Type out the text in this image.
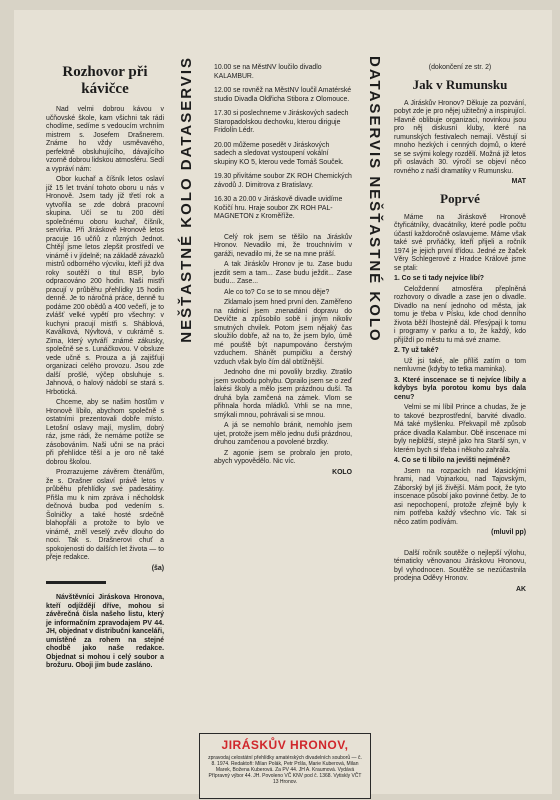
Rozhovor při kávičce

Nad velmi dobrou kávou v učňovské škole, kam všichni tak rádi chodíme, sedíme s vedoucím vrchním mistrem s. Josefem Drašnerem. Známe ho vždy usměvavého, perfektně obsluhujícího, dávajícího vzorně dobrou lidskou atmosféru. Sedí a vypráví nám:

Obor kuchař a číšník letos oslaví již 15 let trvání tohoto oboru u nás v Hronově. Jsem tady již třetí rok a vytvořila se zde dobrá pracovní skupina. Učí se tu 200 dětí společnému oboru kuchař, číšník, servírka. Při Jiráskově Hronově letos pracuje 16 učňů z různých Jednot. Chtějí jsme letos zlepšit prostředí ve vinárně i v jídelně; na základě závazků mistrů odborného výcviku, kteří již dva roky soutěží o titul BSP, bylo odpracováno 200 hodin. Naši mistři pracují v průběhu přehlídky 15 hodin denně. Je to náročná práce, denně tu podáme 200 obědů a 400 večeří, je to zvlášť velké vypětí pro všechny: v kuchyni pracují mistři s. Sháblová, Kaválková, Nývltová, v cukrárně s. Zima, který vytváří známé zákusky, společně se s. Lunáčkovou. V obsluze vede učně s. Prouza a já zajišťuji organizaci celého provozu. Jsou zde další prošlé, výčep obsluhuje s. Jahnová, o halový nádobí se stará s. Hrbotická.

Chceme, aby se našim hostům v Hronově líbilo, abychom společně s ostatními prezentovali dobře místo. Letošní oslavy mají, myslím, dobrý ráz, jsme rádi, že nemáme potíže se zásobováním. Naši učni se na práci při přehlídce těší a je oro ně také dobrou školou.

Prozrazujeme závěrem čtenářům, že s. Drašner oslaví právě letos v průběhu přehlídky své padesátiny. Přišla mu k nim zpráva i něcholdsk dečnová budba pod vedením s. Šolničky a také hosté srdečně blahopřáli a protože to bylo ve vinárně, zněl veselý zvěv dlouho do noci. Tak s. Drašnerovi chuť a spokojenosti do dalších let života — to přeje redakce.

(ša)

Návštěvníci Jiráskova Hronova, kteří odjíždějí dříve, mohou si závěrečná čísla našeho listu, který je informačním zpravodajem PV 44. JH, objednat v distribuční kanceláři, umístěné za rohem na stejné chodbě jako naše redakce. Objednat si mohou i celý soubor a brožuru. Oboji jim bude zasláno.

NEŠŤASTNÉ KOLO DATASERVIS	DATASERVIS NEŠŤASTNÉ KOLO
10.00 se na MěstNV loučilo divadlo KALAMBUR.
12.00 se rovněž na MěstNV loučil Amatérské studio Divadla Oldřicha Stibora z Olomouce.
17.30 si poslechneme v Jiráskových sadech Staropadolskou dechovku, kterou diriguje Fridolín Lédr.
20.00 můžeme posedět v Jiráskových sadech a sledovat vystoupení vokální skupiny KO 5, kterou vede Tomáš Souček.
19.30 přivítáme soubor ZK ROH Chemických závodů J. Dimitrova z Bratislavy.
16.30 a 20.00 v Jiráskově divadle uvidíme Kočičí hru. Hraje soubor ZK ROH PAL-MAGNETON z Kroměříže.

Celý rok jsem se těšilo na Jiráskův Hronov. Nevadilo mi, že trouchnivím v garáži, nevadilo mi, že se na mne práší.

A tak Jiráskův Hronov je tu. Zase budu jezdit sem a tam... Zase budu ježdit... Zase budu... Zase...

Ale co to? Co se to se mnou děje?

Zklamalo jsem hned první den. Zaměřeno na rádnicí jsem znenadání dopravu do Devíčte a způsobilo sobě i jiným nikoliv smutných chvilek. Potom jsem nějaký čas sloužilo dobře, až na to, že jsem bylo, úmě mé pouště být napumpováno čerstvým vzduchem. Shánět pumpičku a čerstvý vzduch však bylo čím dál obtížnější.

Jednoho dne mi povolily brzdky. Ztratilo jsem svobodu pohybu. Oprailo jsem se o zeď lakési školy a mělo jsem prázdnou duší. Ta druhá byla zamčená na zámek. Vlom se přihnala horda mládků. Vrhli se na mne, smýkali mnou, pohrávali si se mnou.

A já se nemohlo bránit, nemohlo jsem ujet, protože jsem mělo jednu duši prázdnou, druhou zamčenou a povolené brzdky.

Z agonie jsem se probralo jen proto, abych vypovědělo. Nic víc.

KOLO
(dokončení ze str. 2)
Jak v Rumunsku

A Jiráskův Hronov? Děkuje za pozvání, pobyt zde je pro nějej užitečný a inspirující. Hlavně oblibuje organizaci, novinkou jsou pro něj diskusní kluby, které na rumunských festivalech nemají. Věstují si mnoho hezkých i cenných dojmů, o které se se svými kolegy rozdělí. Možná již letos při oslavách 30. výročí se objeví něco rovného z naší dramatiky v Rumunsku.

MAT
Poprvé

Máme na Jiráskově Hronově čtyřicátníky, dvacátníky, které podle počtu účastí každoročně oslavujeme. Máme však také své prvňáčky, kteří přijeli a ročník 1974 je jejich první třídou. Jedné ze žaček Věry Schlegerové z Hradce Králové jsme se ptali:

1. Co se ti tady nejvíce líbí?

Celoždenní atmosféra přeplněná rozhovory o divadle a zase jen o divadle. Divadlo na není jednoho od města, jak tomu je třeba v Písku, kde chod denního života běží lhostejně dál. Přesýpají k tomu i programy v parku a to, že každý, kdo přijíždí po městu tu má své zname.

2. Ty už také?

Už jsi také, ale příliš zatím o tom nemluvme (kdyby to tetka maminka).

3. Které inscenace se ti nejvíce líbily a kdybys byla porotou komu bys dala cenu?

Velmi se mi líbil Prince a chudas, že je to takové bezprostřední, barvité divadlo. Má také myšlenku. Překvapil mě způsob práce divadla Kalambur. Obě inscenace mi byly nejbližší, stejně jako hra Starší syn, v kterém bych si třeba i někoho zahrála.

4. Co se ti líbilo na jevišti nejméně?

Jsem na rozpacích nad klasickými hrami, nad Vojnarkou, nad Tajovským, Záborský byl jiš živější. Mám pocit, že tyto inscenace působí jako povinné četby. Je to asi nepochopení, protože zřejmě byly k nim potřeba každý všechno víc. Tak si něco zatím podívám.

(mluvil pp)

Další ročník soutěže o nejlepší výlohu, tématicky věnovanou Jiráskovu Hronovu, byl vyhodnocen. Soutěže se nezúčastnila prodejna Oděvy Hronov.

AK
JIRÁSKŮV HRONOV,
zpravodaj celostátní přehlídky amatérských divadelních souborů — č. 8. 1974. Redaktoři: Milan Polák, Petr Pršla, Marie Kuberová, Milan Marek, Božena Kuberová. Za PV 44. JH A. Kraumová. Vydává Přípravný výbor 44. JH. Povoleno VČ KNV pod č. 1368. Vytiskly VČT 13 Hronov.
